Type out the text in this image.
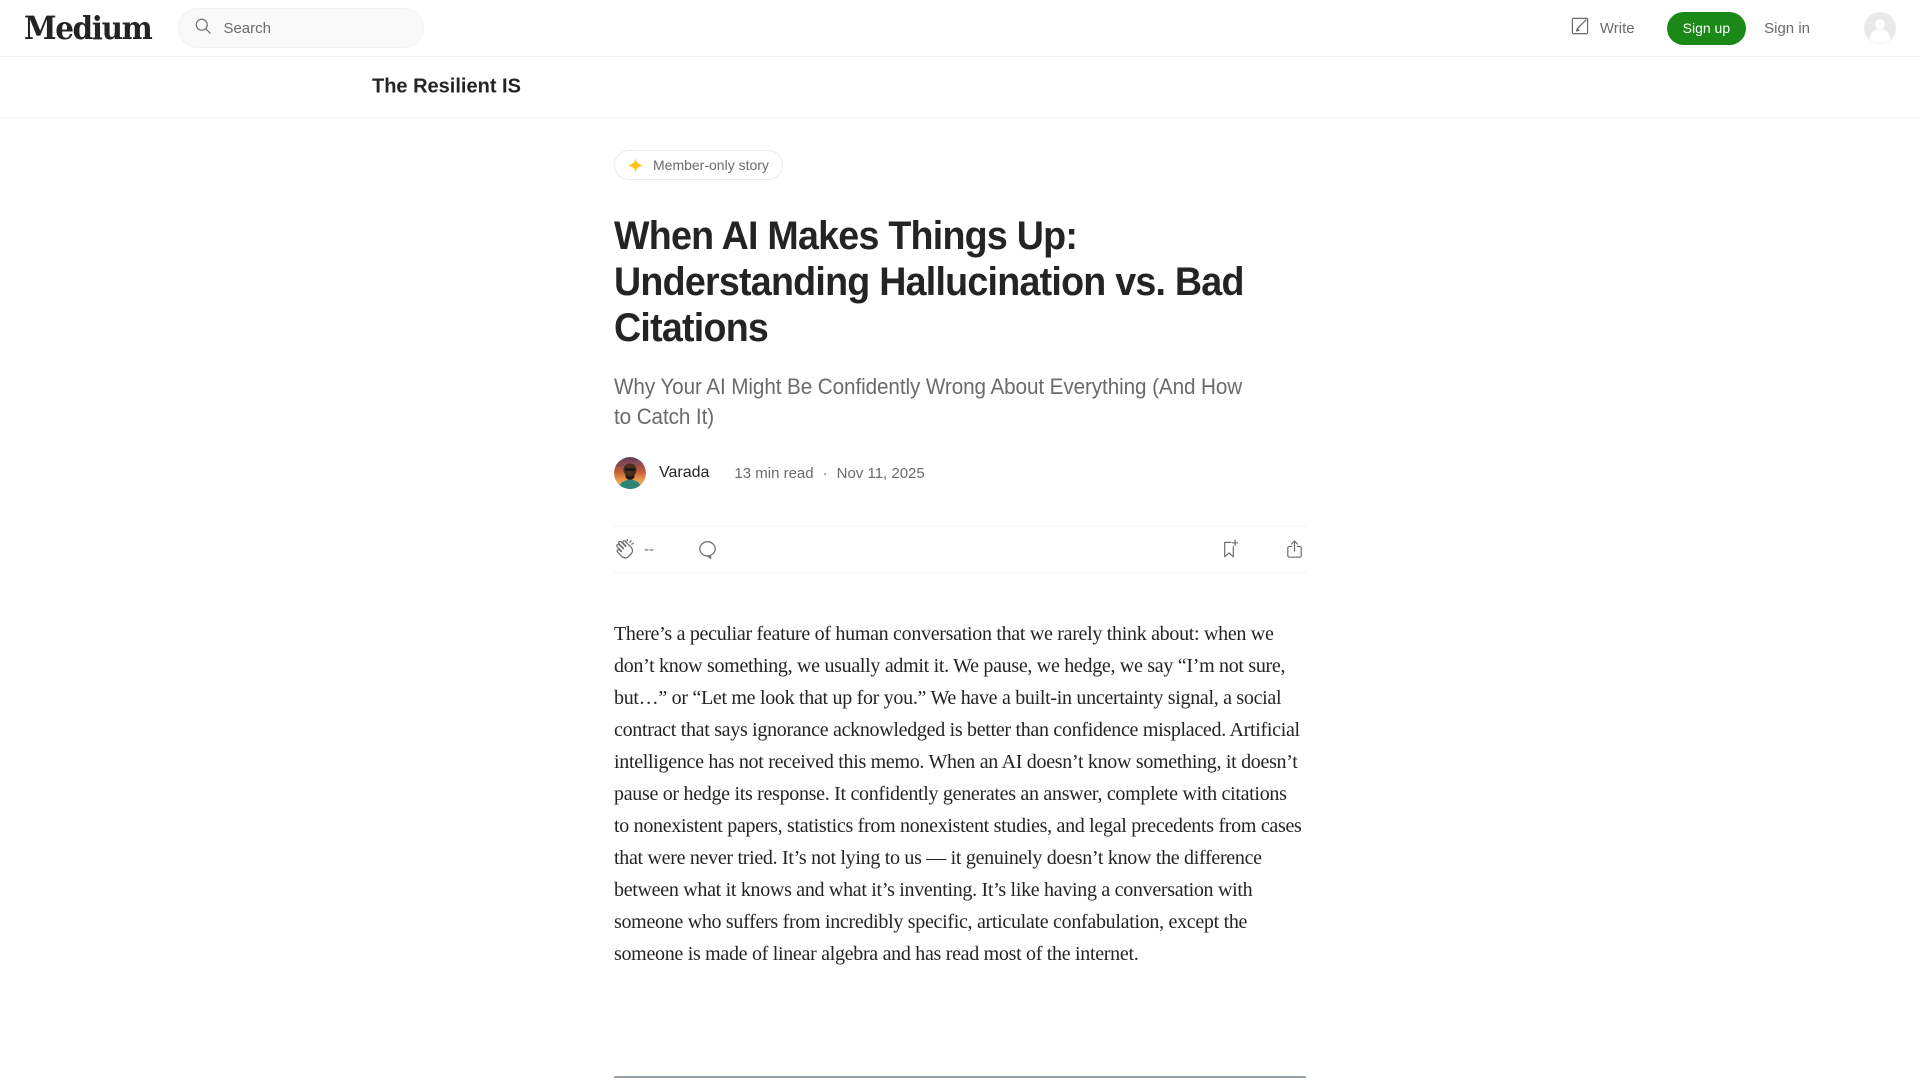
Medium
Search	Write	Sign up	Sign in
The Resilient IS
Member-only story
When AI Makes Things Up:
Understanding Hallucination vs. Bad
Citations
Why Your AI Might Be Confidently Wrong About Everything (And How
to Catch It)
Varada 13 min read · Nov 11, 2025
--

There’s a peculiar feature of human conversation that we rarely think about: when we don’t know something, we usually admit it. We pause, we hedge, we say “I’m not sure, but…” or “Let me look that up for you.” We have a built-in uncertainty signal, a social contract that says ignorance acknowledged is better than confidence misplaced. Artificial intelligence has not received this memo. When an AI doesn’t know something, it doesn’t pause or hedge its response. It confidently generates an answer, complete with citations to nonexistent papers, statistics from nonexistent studies, and legal precedents from cases that were never tried. It’s not lying to us — it genuinely doesn’t know the difference between what it knows and what it’s inventing. It’s like having a conversation with someone who suffers from incredibly specific, articulate confabulation, except the someone is made of linear algebra and has read most of the internet.
